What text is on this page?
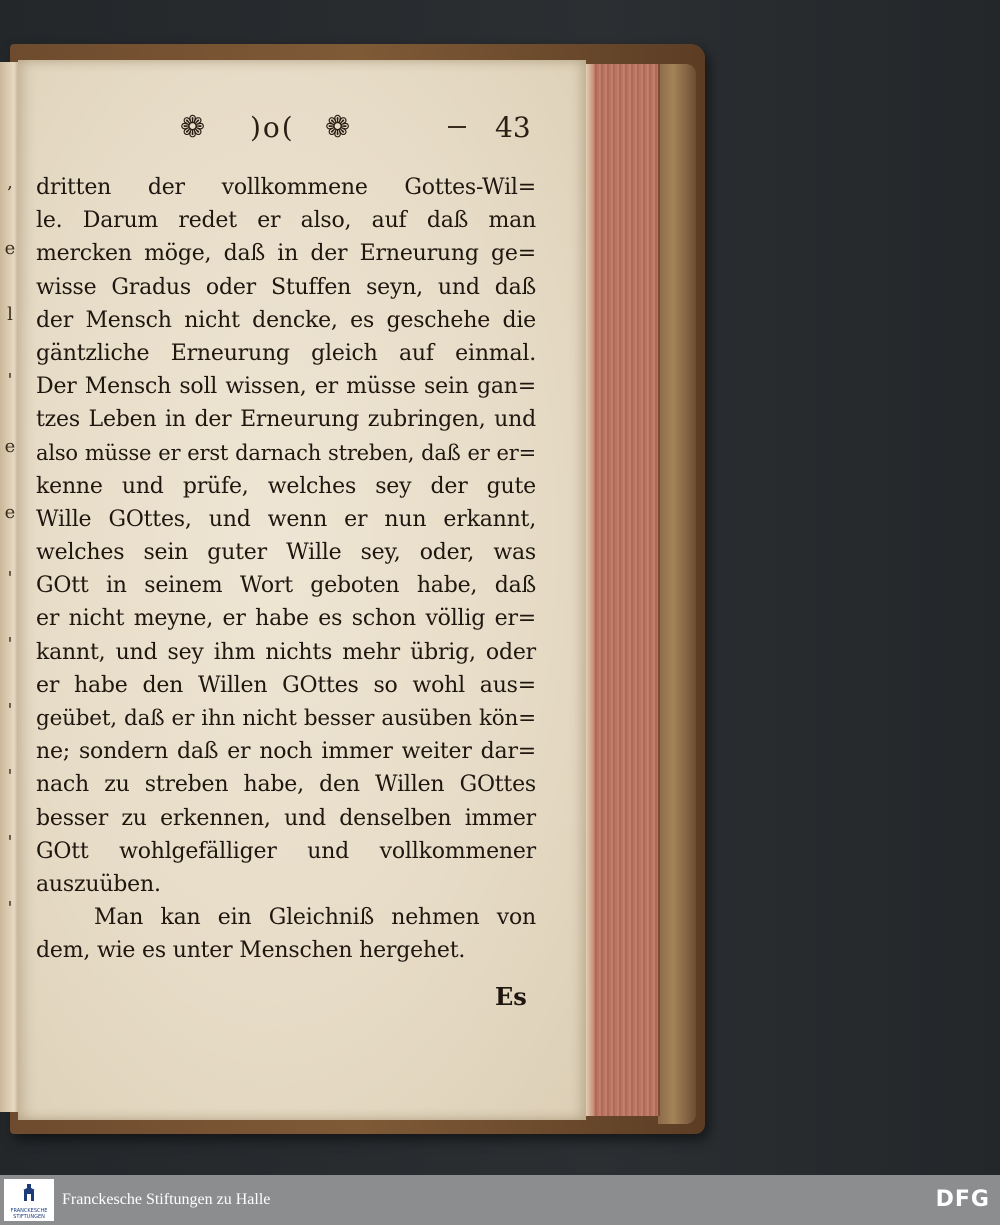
,
e
l
'
e
e
'
'
'
'
'
'
❁ )o( ❁	43
dritten der vollkommene Gottes-Wil=
le. Darum redet er also, auf daß man
mercken möge, daß in der Erneurung ge=
wisse Gradus oder Stuffen seyn, und daß
der Mensch nicht dencke, es geschehe die
gäntzliche Erneurung gleich auf einmal.
Der Mensch soll wissen, er müsse sein gan=
tzes Leben in der Erneurung zubringen, und
also müsse er erst darnach streben, daß er er=
kenne und prüfe, welches sey der gute
Wille GOttes, und wenn er nun erkannt,
welches sein guter Wille sey, oder, was
GOtt in seinem Wort geboten habe, daß
er nicht meyne, er habe es schon völlig er=
kannt, und sey ihm nichts mehr übrig, oder
er habe den Willen GOttes so wohl aus=
geübet, daß er ihn nicht besser ausüben kön=
ne; sondern daß er noch immer weiter dar=
nach zu streben habe, den Willen GOttes
besser zu erkennen, und denselben immer
GOtt wohlgefälliger und vollkommener
auszuüben.
Man kan ein Gleichniß nehmen von
dem, wie es unter Menschen hergehet.
Es
FRANCKESCHE
STIFTUNGEN
Franckesche Stiftungen zu Halle	DFG
